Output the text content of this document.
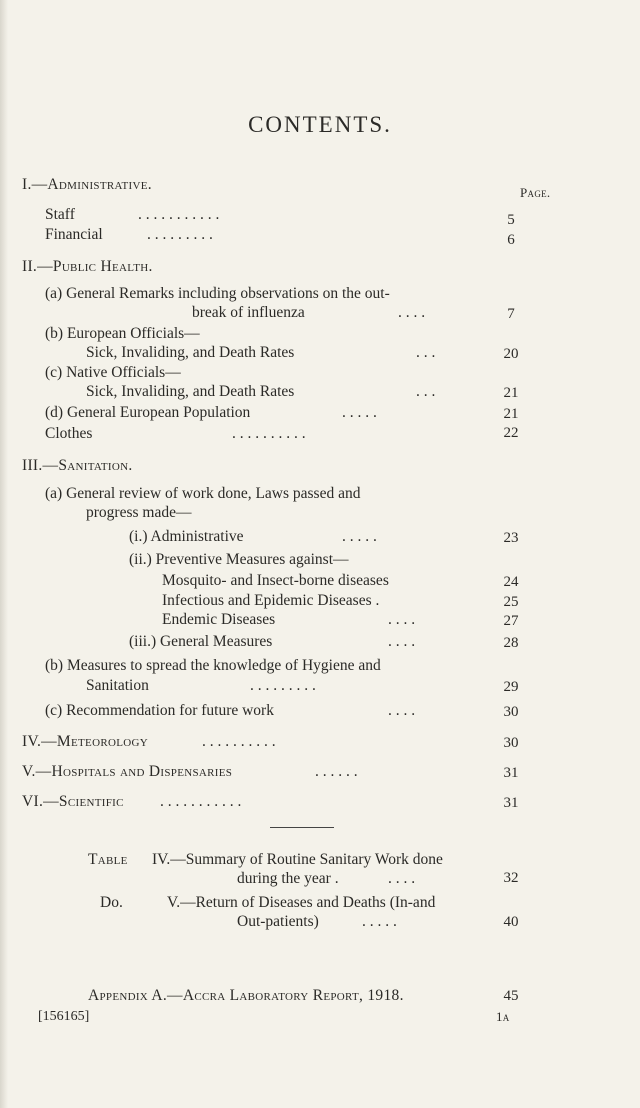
CONTENTS.
I.—Administrative.	Page.
Staff	. . . . . . . . . . .	5
Financial	. . . . . . . . .	6
II.—Public Health.
(a) General Remarks including observations on the out-
break of influenza	. . . .	7
(b) European Officials—
Sick, Invaliding, and Death Rates	. . .	20
(c) Native Officials—
Sick, Invaliding, and Death Rates	. . .	21
(d) General European Population	. . . . .	21
Clothes	. . . . . . . . . .	22
III.—Sanitation.
(a) General review of work done, Laws passed and
progress made—
(i.) Administrative	. . . . .	23
(ii.) Preventive Measures against—
Mosquito- and Insect-borne diseases	24
Infectious and Epidemic Diseases .	25
Endemic Diseases	. . . .	27
(iii.) General Measures	. . . .	28
(b) Measures to spread the knowledge of Hygiene and
Sanitation	. . . . . . . . .	29
(c) Recommendation for future work	. . . .	30
IV.—Meteorology	. . . . . . . . . .	30
V.—Hospitals and Dispensaries	. . . . . .	31
VI.—Scientific . . . . . . . . . . .	31
Table IV.—Summary of Routine Sanitary Work done
during the year .	. . . .	32
Do.	V.—Return of Diseases and Deaths (In-and
Out-patients)	. . . . .	40
Appendix A.—Accra Laboratory Report, 1918.	45
[156165]	1a
